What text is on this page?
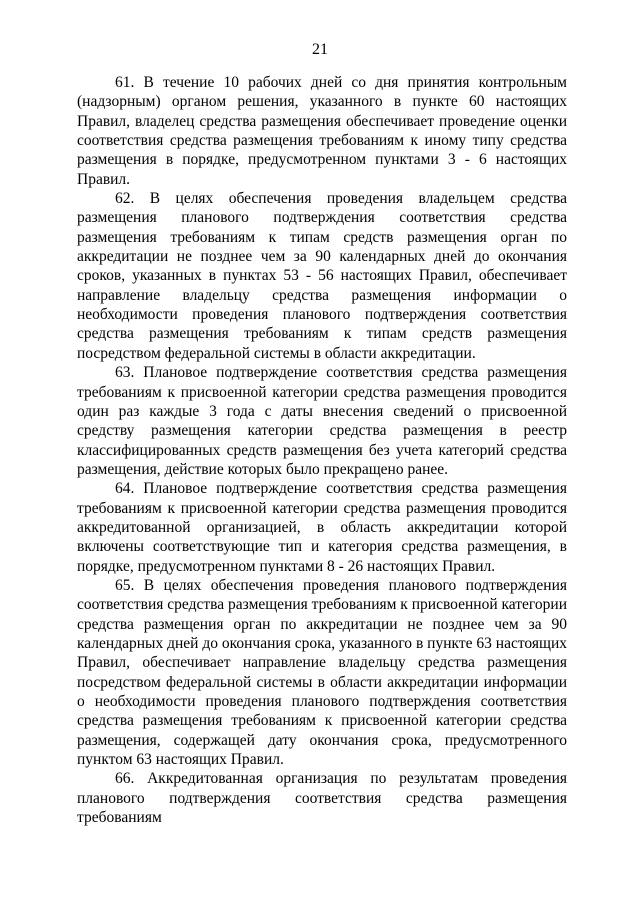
21

61. В течение 10 рабочих дней со дня принятия контрольным (надзорным) органом решения, указанного в пункте 60 настоящих Правил, владелец средства размещения обеспечивает проведение оценки соответствия средства размещения требованиям к иному типу средства размещения в порядке, предусмотренном пунктами 3 - 6 настоящих Правил.

62. В целях обеспечения проведения владельцем средства размещения планового подтверждения соответствия средства размещения требованиям к типам средств размещения орган по аккредитации не позднее чем за 90 календарных дней до окончания сроков, указанных в пунктах 53 - 56 настоящих Правил, обеспечивает направление владельцу средства размещения информации о необходимости проведения планового подтверждения соответствия средства размещения требованиям к типам средств размещения посредством федеральной системы в области аккредитации.

63. Плановое подтверждение соответствия средства размещения требованиям к присвоенной категории средства размещения проводится один раз каждые 3 года с даты внесения сведений о присвоенной средству размещения категории средства размещения в реестр классифицированных средств размещения без учета категорий средства размещения, действие которых было прекращено ранее.

64. Плановое подтверждение соответствия средства размещения требованиям к присвоенной категории средства размещения проводится аккредитованной организацией, в область аккредитации которой включены соответствующие тип и категория средства размещения, в порядке, предусмотренном пунктами 8 - 26 настоящих Правил.

65. В целях обеспечения проведения планового подтверждения соответствия средства размещения требованиям к присвоенной категории средства размещения орган по аккредитации не позднее чем за 90 календарных дней до окончания срока, указанного в пункте 63 настоящих Правил, обеспечивает направление владельцу средства размещения посредством федеральной системы в области аккредитации информации о необходимости проведения планового подтверждения соответствия средства размещения требованиям к присвоенной категории средства размещения, содержащей дату окончания срока, предусмотренного пунктом 63 настоящих Правил.

66. Аккредитованная организация по результатам проведения планового подтверждения соответствия средства размещения требованиям
